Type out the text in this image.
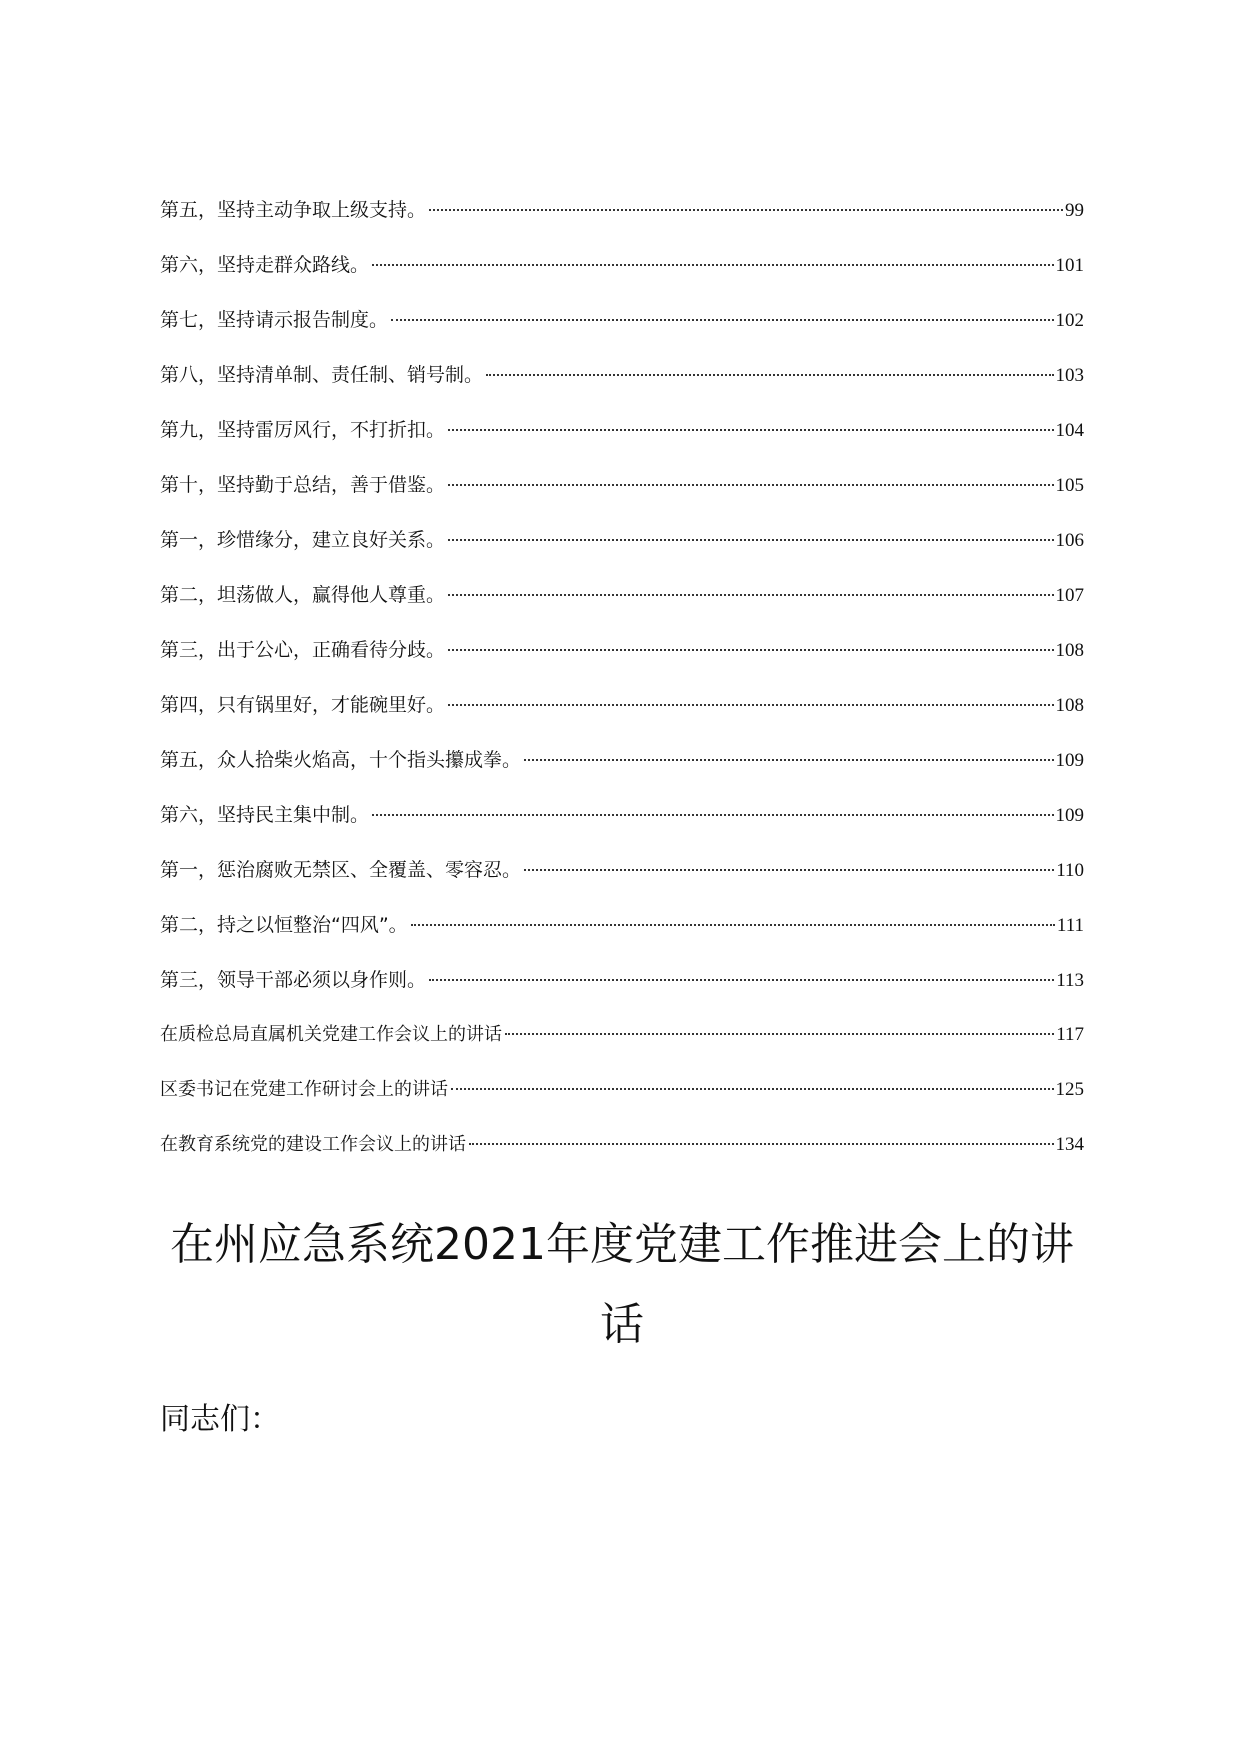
第五，坚持主动争取上级支持。	99
第六，坚持走群众路线。	101
第七，坚持请示报告制度。	102
第八，坚持清单制、责任制、销号制。	103
第九，坚持雷厉风行，不打折扣。	104
第十，坚持勤于总结，善于借鉴。	105
第一，珍惜缘分，建立良好关系。	106
第二，坦荡做人，赢得他人尊重。	107
第三，出于公心，正确看待分歧。	108
第四，只有锅里好，才能碗里好。	108
第五，众人拾柴火焰高，十个指头攥成拳。	109
第六，坚持民主集中制。	109
第一，惩治腐败无禁区、全覆盖、零容忍。	110
第二，持之以恒整治“四风”。	111
第三，领导干部必须以身作则。	113
在质检总局直属机关党建工作会议上的讲话	117
区委书记在党建工作研讨会上的讲话	125
在教育系统党的建设工作会议上的讲话	134
在州应急系统2021年度党建工作推进会上的讲话
同志们：
